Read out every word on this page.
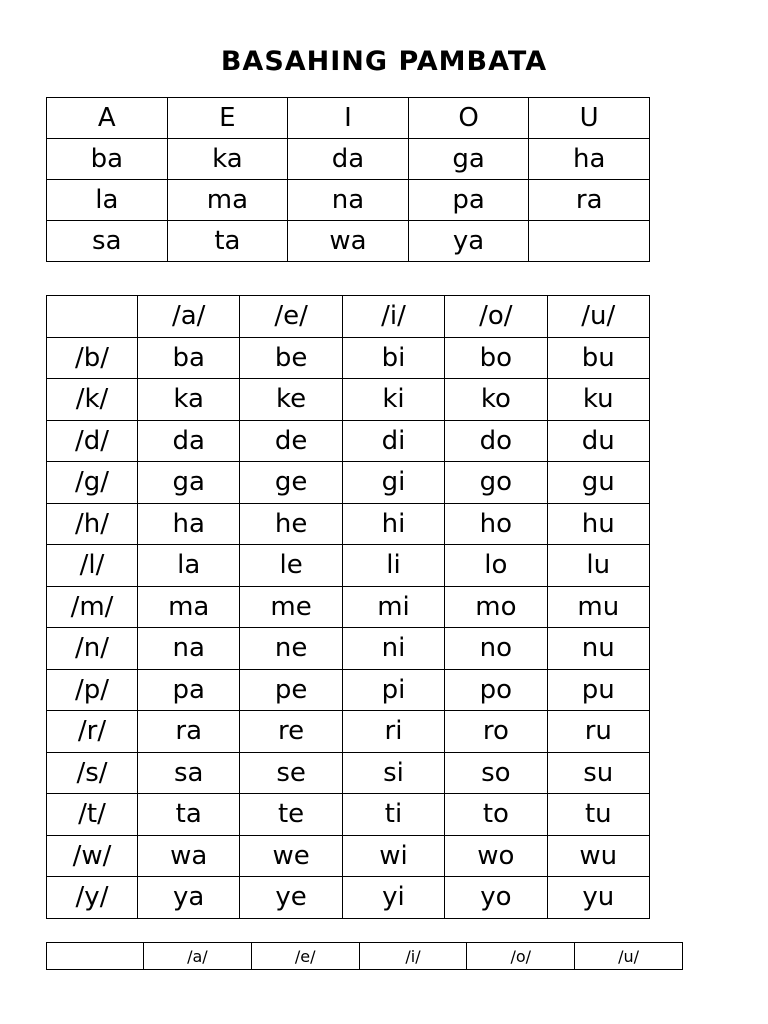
BASAHING PAMBATA
A	E	I	O	U
ba	ka	da	ga	ha
la	ma	na	pa	ra
sa	ta	wa	ya	
	/a/	/e/	/i/	/o/	/u/
/b/	ba	be	bi	bo	bu
/k/	ka	ke	ki	ko	ku
/d/	da	de	di	do	du
/g/	ga	ge	gi	go	gu
/h/	ha	he	hi	ho	hu
/l/	la	le	li	lo	lu
/m/	ma	me	mi	mo	mu
/n/	na	ne	ni	no	nu
/p/	pa	pe	pi	po	pu
/r/	ra	re	ri	ro	ru
/s/	sa	se	si	so	su
/t/	ta	te	ti	to	tu
/w/	wa	we	wi	wo	wu
/y/	ya	ye	yi	yo	yu
	/a/	/e/	/i/	/o/	/u/
